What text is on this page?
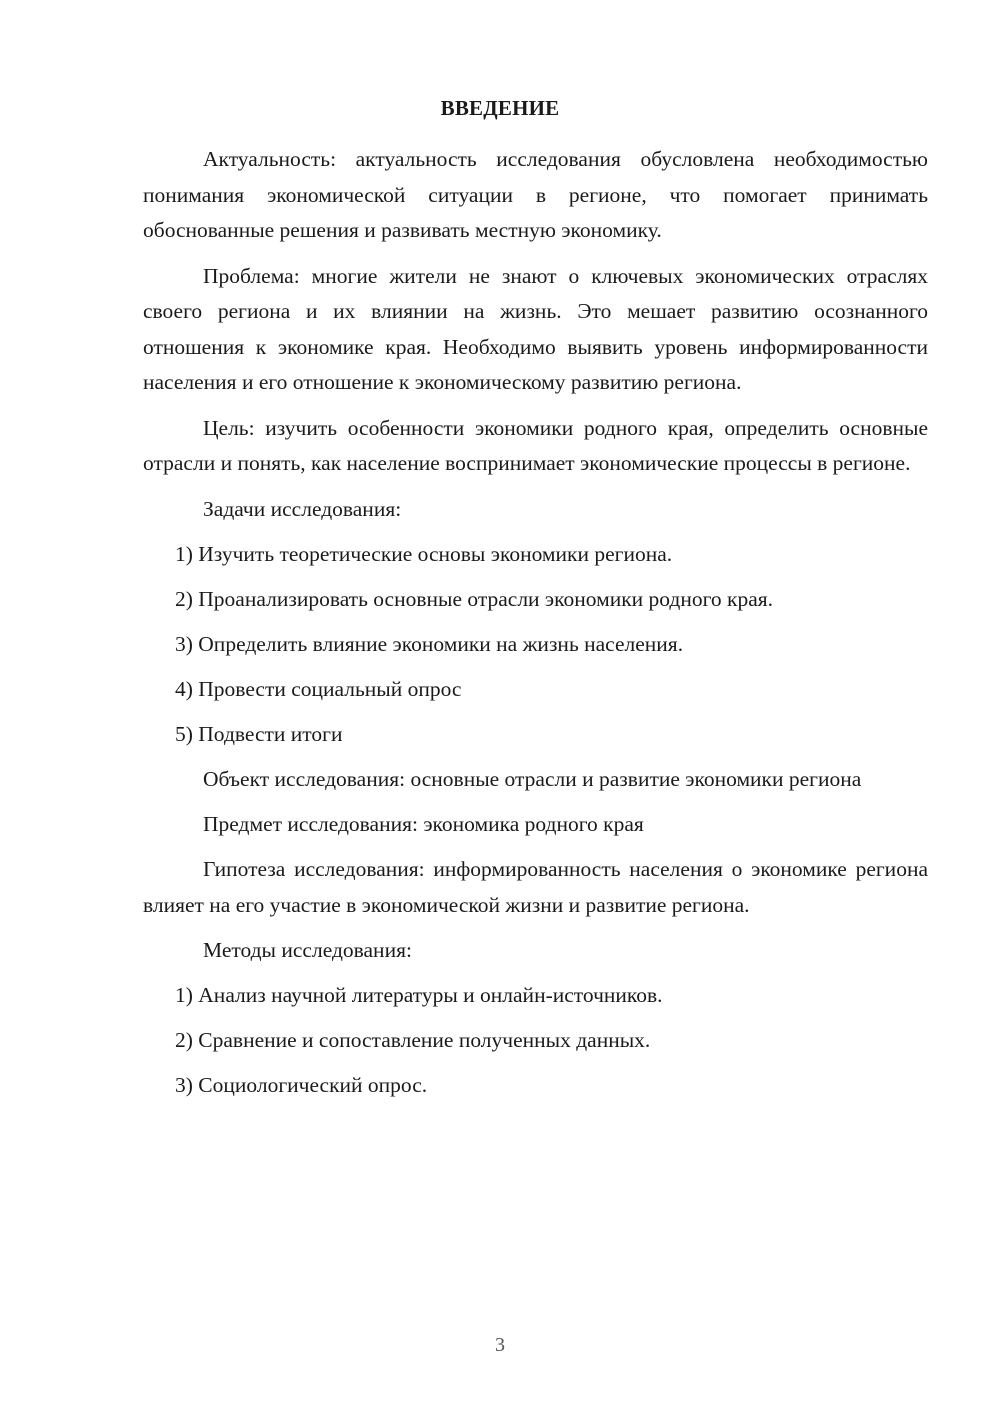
ВВЕДЕНИЕ

Актуальность: актуальность исследования обусловлена необходимостью понимания экономической ситуации в регионе, что помогает принимать обоснованные решения и развивать местную экономику.

Проблема: многие жители не знают о ключевых экономических отраслях своего региона и их влиянии на жизнь. Это мешает развитию осознанного отношения к экономике края. Необходимо выявить уровень информированности населения и его отношение к экономическому развитию региона.

Цель: изучить особенности экономики родного края, определить основные отрасли и понять, как население воспринимает экономические процессы в регионе.

Задачи исследования:

1) Изучить теоретические основы экономики региона.

2) Проанализировать основные отрасли экономики родного края.

3) Определить влияние экономики на жизнь населения.

4) Провести социальный опрос

5) Подвести итоги

Объект исследования: основные отрасли и развитие экономики региона

Предмет исследования: экономика родного края

Гипотеза исследования: информированность населения о экономике региона влияет на его участие в экономической жизни и развитие региона.

Методы исследования:

1) Анализ научной литературы и онлайн-источников.

2) Сравнение и сопоставление полученных данных.

3) Социологический опрос.

3
